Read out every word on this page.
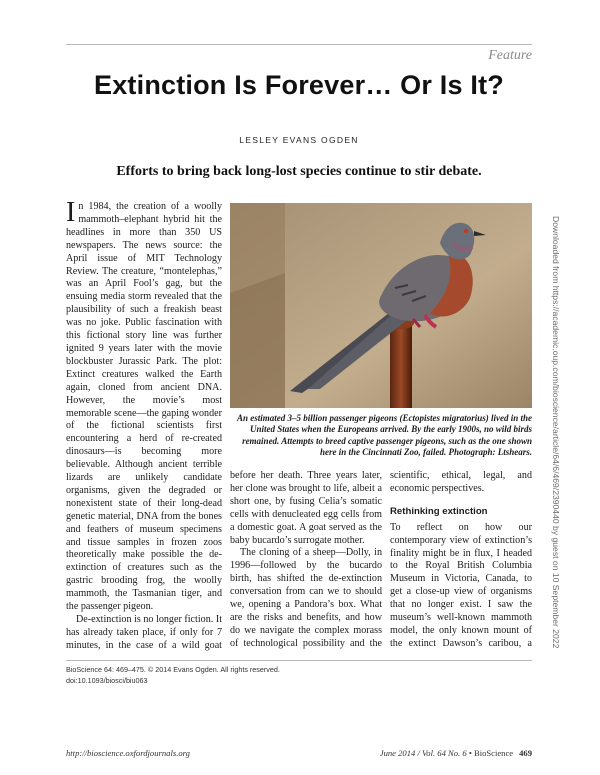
Feature
Extinction Is Forever… Or Is It?
LESLEY EVANS OGDEN
Efforts to bring back long-lost species continue to stir debate.

In 1984, the creation of a woolly mammoth–elephant hybrid hit the headlines in more than 350 US newspapers. The news source: the April issue of MIT Technology Review. The creature, “montelephas,” was an April Fool’s gag, but the ensuing media storm revealed that the plausibility of such a freakish beast was no joke. Public fascination with this fictional story line was further ignited 9 years later with the movie blockbuster Jurassic Park. The plot: Extinct creatures walked the Earth again, cloned from ancient DNA. However, the movie’s most memorable scene—the gaping wonder of the fictional scientists first encountering a herd of re-created dinosaurs—is becoming more believable. Although ancient terrible lizards are unlikely candidate organisms, given the degraded or nonexistent state of their long-dead genetic material, DNA from the bones and feathers of museum specimens and tissue samples in frozen zoos theoretically make possible the de-extinction of creatures such as the gastric brooding frog, the woolly mammoth, the Tasmanian tiger, and the passenger pigeon.

De-extinction is no longer fiction. It has already taken place, if only for 7 minutes, in the case of a wild goat

An estimated 3–5 billion passenger pigeons (Ectopistes migratorius) lived in the United States when the Europeans arrived. By the early 1900s, no wild birds remained. Attempts to breed captive passenger pigeons, such as the one shown here in the Cincinnati Zoo, failed. Photograph: Ltshears.

before her death. Three years later, her clone was brought to life, albeit a short one, by fusing Celia’s somatic cells with denucleated egg cells from a domestic goat. A goat served as the baby bucardo’s surrogate mother.

The cloning of a sheep—Dolly, in 1996—followed by the bucardo birth, has shifted the de-extinction conversation from can we to should we, opening a Pandora’s box. What are the risks and benefits, and how do we navigate the complex morass of technological possibility and the

scientific, ethical, legal, and economic perspectives.

Rethinking extinction

To reflect on how our contemporary view of extinction’s finality might be in flux, I headed to the Royal British Columbia Museum in Victoria, Canada, to get a close-up view of organisms that no longer exist. I saw the museum’s well-known mammoth model, the only known mount of the extinct Dawson’s caribou, a

BioScience 64: 469–475. © 2014 Evans Ogden. All rights reserved.
doi:10.1093/biosci/biu063
http://bioscience.oxfordjournals.org	June 2014 / Vol. 64 No. 6 • BioScience 469
Downloaded from https://academic.oup.com/bioscience/article/64/6/469/2390440 by guest on 10 September 2022
